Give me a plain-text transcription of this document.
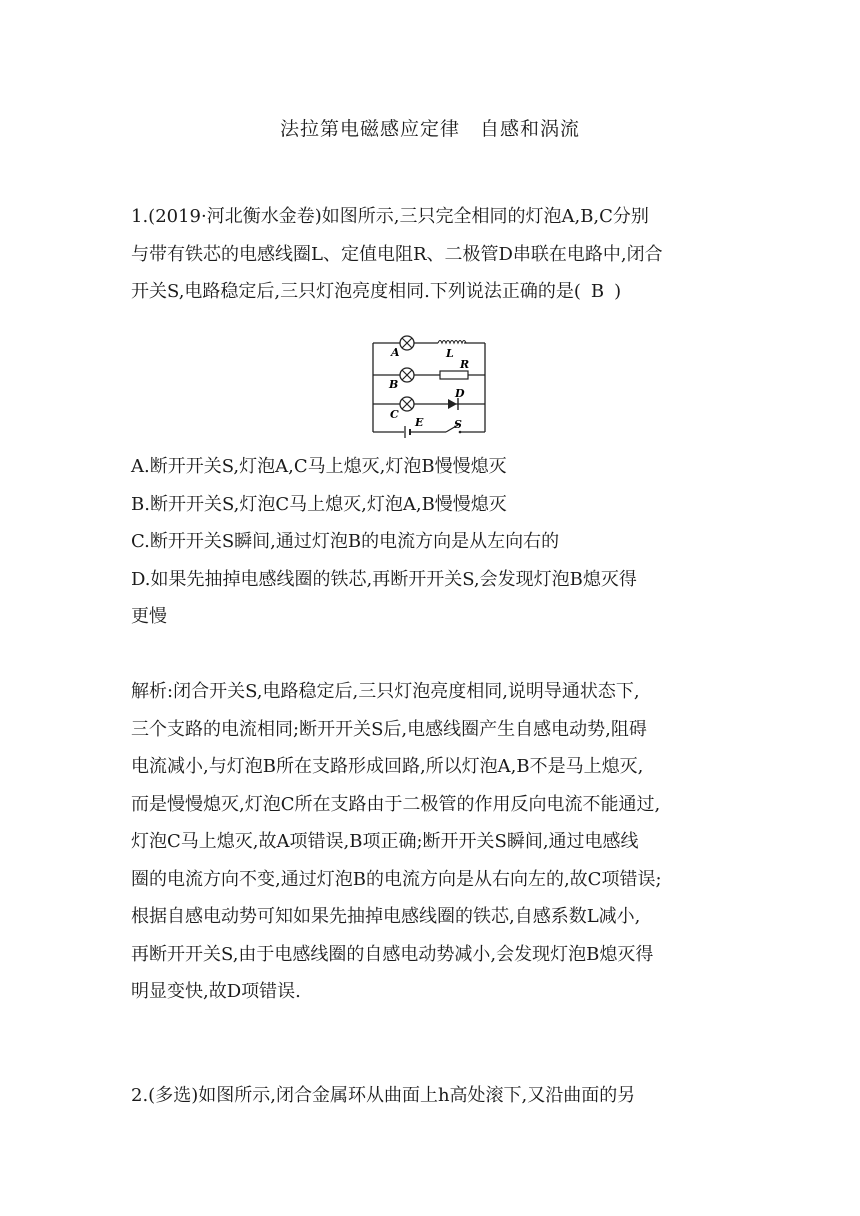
法拉第电磁感应定律　自感和涡流
1.(2019·河北衡水金卷)如图所示,三只完全相同的灯泡A,B,C分别
与带有铁芯的电感线圈L、定值电阻R、二极管D串联在电路中,闭合
开关S,电路稳定后,三只灯泡亮度相同.下列说法正确的是( B )
A
B
C
L
R
D
E	S
A.断开开关S,灯泡A,C马上熄灭,灯泡B慢慢熄灭
B.断开开关S,灯泡C马上熄灭,灯泡A,B慢慢熄灭
C.断开开关S瞬间,通过灯泡B的电流方向是从左向右的
D.如果先抽掉电感线圈的铁芯,再断开开关S,会发现灯泡B熄灭得
更慢
解析:闭合开关S,电路稳定后,三只灯泡亮度相同,说明导通状态下,
三个支路的电流相同;断开开关S后,电感线圈产生自感电动势,阻碍
电流减小,与灯泡B所在支路形成回路,所以灯泡A,B不是马上熄灭,
而是慢慢熄灭,灯泡C所在支路由于二极管的作用反向电流不能通过,
灯泡C马上熄灭,故A项错误,B项正确;断开开关S瞬间,通过电感线
圈的电流方向不变,通过灯泡B的电流方向是从右向左的,故C项错误;
根据自感电动势可知如果先抽掉电感线圈的铁芯,自感系数L减小,
再断开开关S,由于电感线圈的自感电动势减小,会发现灯泡B熄灭得
明显变快,故D项错误.
2.(多选)如图所示,闭合金属环从曲面上h高处滚下,又沿曲面的另
